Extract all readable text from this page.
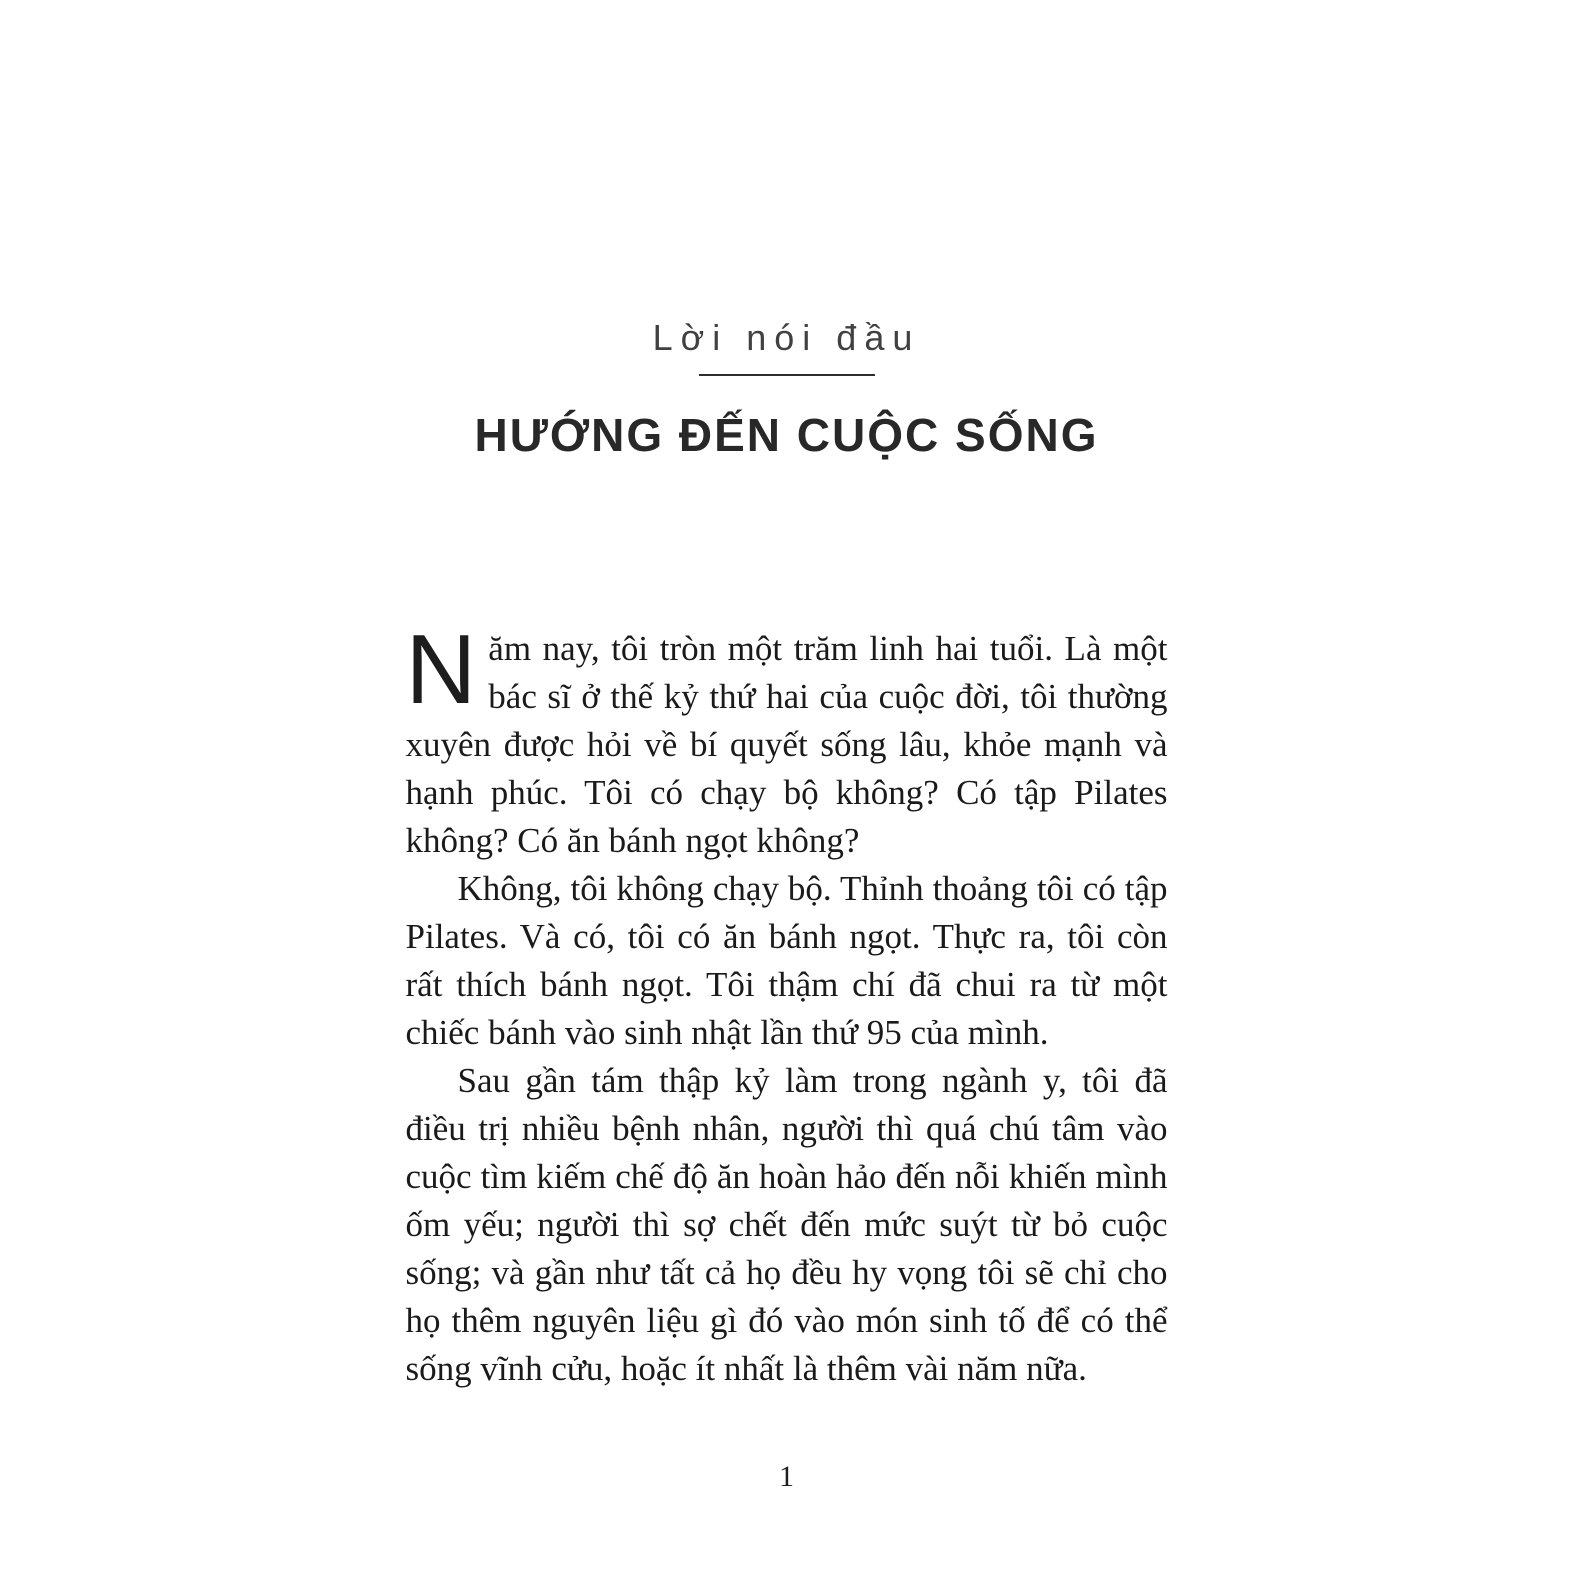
Lời nói đầu
HƯỚNG ĐẾN CUỘC SỐNG

Năm nay, tôi tròn một trăm linh hai tuổi. Là một bác sĩ ở thế kỷ thứ hai của cuộc đời, tôi thường xuyên được hỏi về bí quyết sống lâu, khỏe mạnh và hạnh phúc. Tôi có chạy bộ không? Có tập Pilates không? Có ăn bánh ngọt không?

Không, tôi không chạy bộ. Thỉnh thoảng tôi có tập Pilates. Và có, tôi có ăn bánh ngọt. Thực ra, tôi còn rất thích bánh ngọt. Tôi thậm chí đã chui ra từ một chiếc bánh vào sinh nhật lần thứ 95 của mình.

Sau gần tám thập kỷ làm trong ngành y, tôi đã điều trị nhiều bệnh nhân, người thì quá chú tâm vào cuộc tìm kiếm chế độ ăn hoàn hảo đến nỗi khiến mình ốm yếu; người thì sợ chết đến mức suýt từ bỏ cuộc sống; và gần như tất cả họ đều hy vọng tôi sẽ chỉ cho họ thêm nguyên liệu gì đó vào món sinh tố để có thể sống vĩnh cửu, hoặc ít nhất là thêm vài năm nữa.

1
